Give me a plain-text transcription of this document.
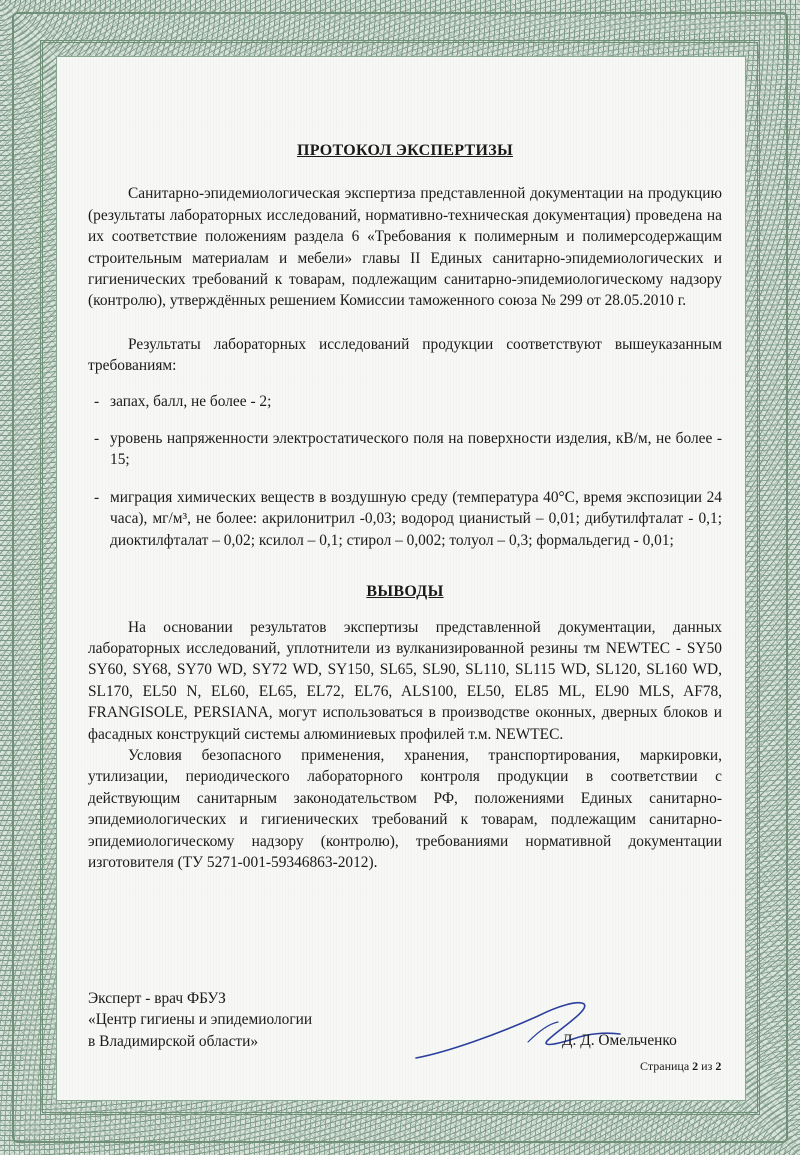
ПРОТОКОЛ ЭКСПЕРТИЗЫ

Санитарно-эпидемиологическая экспертиза представленной документации на продукцию (результаты лабораторных исследований, нормативно-техническая документация) проведена на их соответствие положениям раздела 6 «Требования к полимерным и полимерсодержащим строительным материалам и мебели» главы II Единых санитарно-эпидемиологических и гигиенических требований к товарам, подлежащим санитарно-эпидемиологическому надзору (контролю), утверждённых решением Комиссии таможенного союза № 299 от 28.05.2010 г.

Результаты лабораторных исследований продукции соответствуют вышеуказанным требованиям:

- запах, балл, не более - 2;

- уровень напряженности электростатического поля на поверхности изделия, кВ/м, не более - 15;

- миграция химических веществ в воздушную среду (температура 40°С, время экспозиции 24 часа), мг/м³, не более: акрилонитрил -0,03; водород цианистый – 0,01; дибутилфталат - 0,1; диоктилфталат – 0,02; ксилол – 0,1; стирол – 0,002; толуол – 0,3; формальдегид - 0,01;

ВЫВОДЫ

На основании результатов экспертизы представленной документации, данных лабораторных исследований, уплотнители из вулканизированной резины тм NEWTEC - SY50 SY60, SY68, SY70 WD, SY72 WD, SY150, SL65, SL90, SL110, SL115 WD, SL120, SL160 WD, SL170, EL50 N, EL60, EL65, EL72, EL76, ALS100, EL50, EL85 ML, EL90 MLS, AF78, FRANGISOLE, PERSIANA, могут использоваться в производстве оконных, дверных блоков и фасадных конструкций системы алюминиевых профилей т.м. NEWTEC.

Условия безопасного применения, хранения, транспортирования, маркировки, утилизации, периодического лабораторного контроля продукции в соответствии с действующим санитарным законодательством РФ, положениями Единых санитарно-эпидемиологических и гигиенических требований к товарам, подлежащим санитарно-эпидемиологическому надзору (контролю), требованиями нормативной документации изготовителя (ТУ 5271-001-59346863-2012).

Эксперт - врач ФБУЗ
«Центр гигиены и эпидемиологии
в Владимирской области»	Д. Д. Омельченко
Страница 2 из 2
